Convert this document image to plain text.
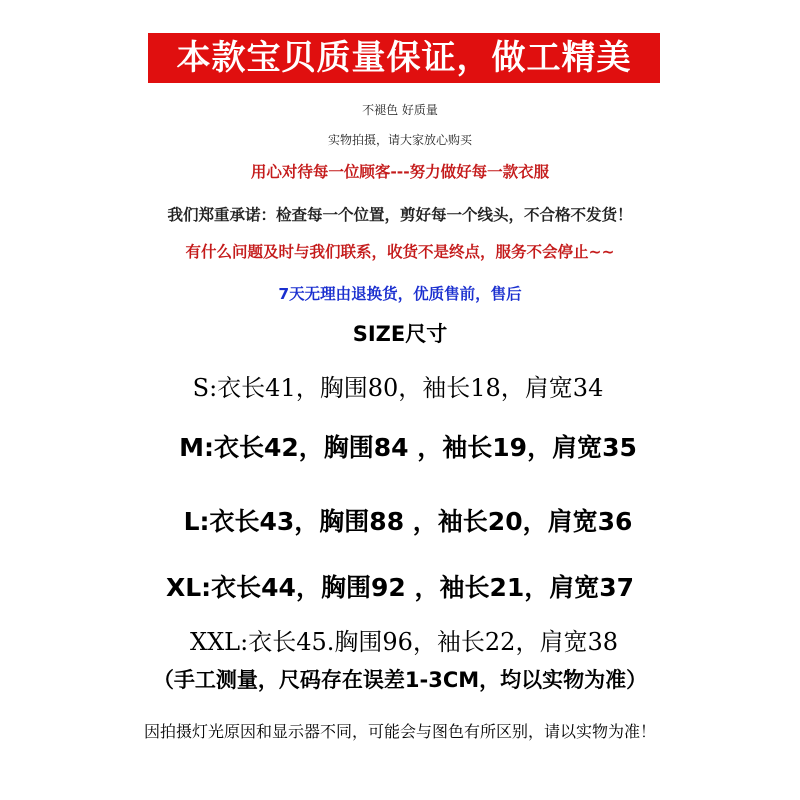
本款宝贝质量保证，做工精美
不褪色 好质量
实物拍摄，请大家放心购买
用心对待每一位顾客---努力做好每一款衣服
我们郑重承诺：检查每一个位置，剪好每一个线头，不合格不发货！
有什么问题及时与我们联系，收货不是终点，服务不会停止~~
7天无理由退换货，优质售前，售后
SIZE尺寸
S:衣长41，胸围80，袖长18，肩宽34
M:衣长42，胸围84 ，袖长19，肩宽35
L:衣长43，胸围88 ，袖长20，肩宽36
XL:衣长44，胸围92 ，袖长21，肩宽37
XXL:衣长45.胸围96，袖长22，肩宽38
（手工测量，尺码存在误差1-3CM，均以实物为准）
因拍摄灯光原因和显示器不同，可能会与图色有所区别，请以实物为准！
